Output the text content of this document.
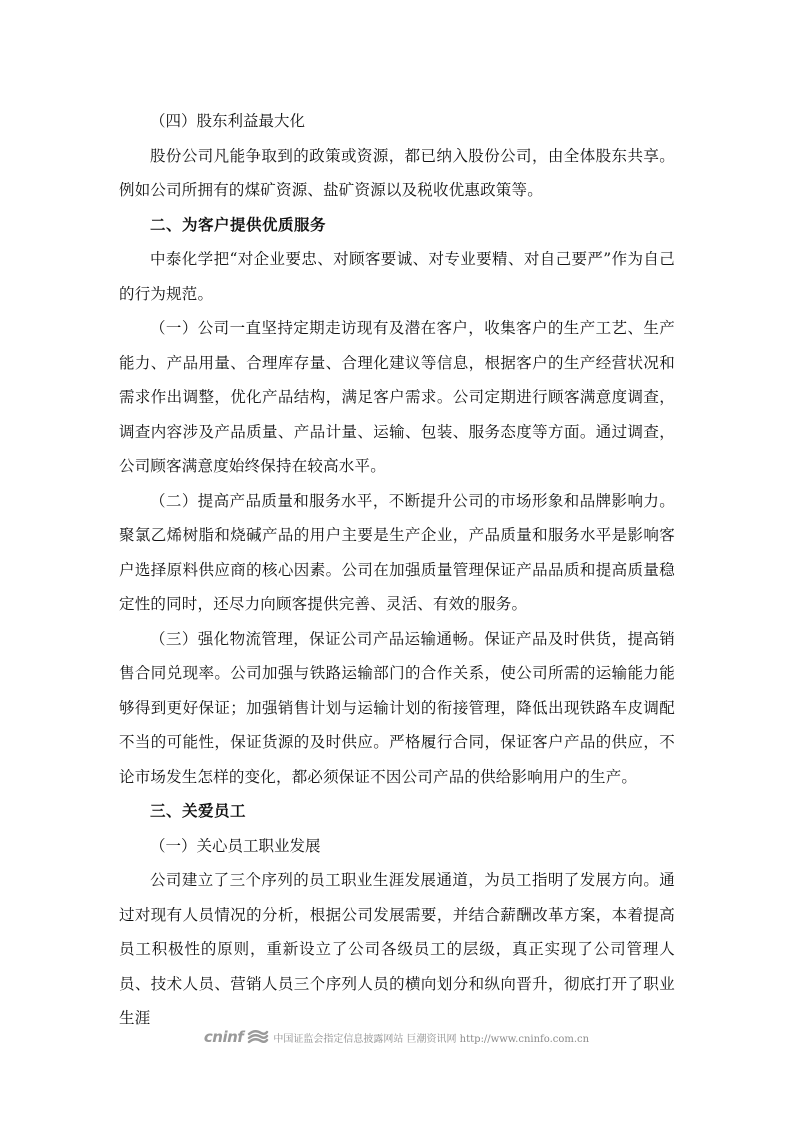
（四）股东利益最大化

股份公司凡能争取到的政策或资源，都已纳入股份公司，由全体股东共享。例如公司所拥有的煤矿资源、盐矿资源以及税收优惠政策等。

二、为客户提供优质服务

中泰化学把“对企业要忠、对顾客要诚、对专业要精、对自己要严”作为自己的行为规范。

（一）公司一直坚持定期走访现有及潜在客户，收集客户的生产工艺、生产能力、产品用量、合理库存量、合理化建议等信息，根据客户的生产经营状况和需求作出调整，优化产品结构，满足客户需求。公司定期进行顾客满意度调查，调查内容涉及产品质量、产品计量、运输、包装、服务态度等方面。通过调查，公司顾客满意度始终保持在较高水平。

（二）提高产品质量和服务水平，不断提升公司的市场形象和品牌影响力。聚氯乙烯树脂和烧碱产品的用户主要是生产企业，产品质量和服务水平是影响客户选择原料供应商的核心因素。公司在加强质量管理保证产品品质和提高质量稳定性的同时，还尽力向顾客提供完善、灵活、有效的服务。

（三）强化物流管理，保证公司产品运输通畅。保证产品及时供货，提高销售合同兑现率。公司加强与铁路运输部门的合作关系，使公司所需的运输能力能够得到更好保证；加强销售计划与运输计划的衔接管理，降低出现铁路车皮调配不当的可能性，保证货源的及时供应。严格履行合同，保证客户产品的供应，不论市场发生怎样的变化，都必须保证不因公司产品的供给影响用户的生产。

三、关爱员工

（一）关心员工职业发展

公司建立了三个序列的员工职业生涯发展通道，为员工指明了发展方向。通过对现有人员情况的分析，根据公司发展需要，并结合薪酬改革方案，本着提高员工积极性的原则，重新设立了公司各级员工的层级，真正实现了公司管理人员、技术人员、营销人员三个序列人员的横向划分和纵向晋升，彻底打开了职业生涯

cninf	中国证监会指定信息披露网站 巨潮资讯网 http://www.cninfo.com.cn
